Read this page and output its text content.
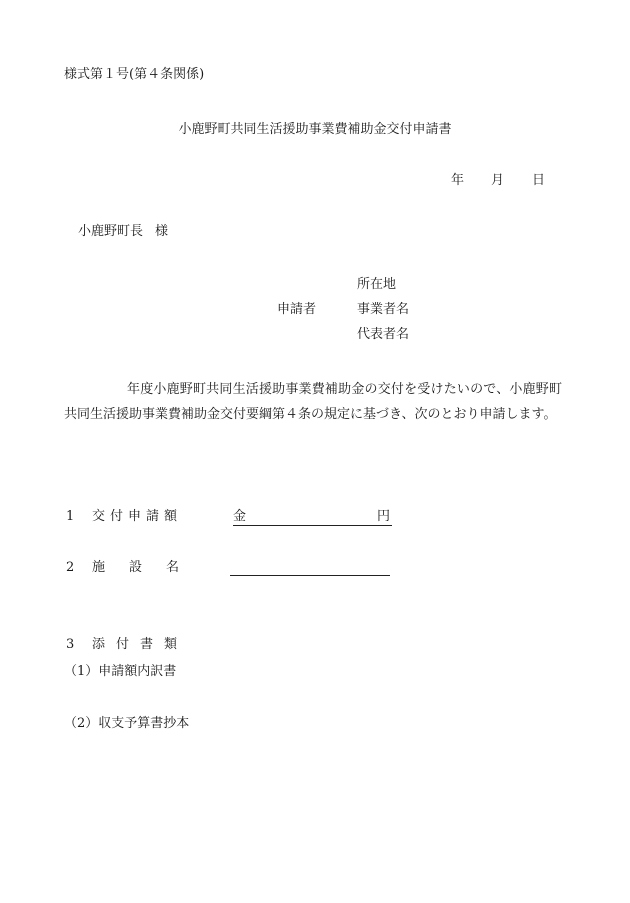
様式第１号(第４条関係)
小鹿野町共同生活援助事業費補助金交付申請書
年 月 日
小鹿野町長 様
申請者
所在地
事業者名
代表者名
年度小鹿野町共同生活援助事業費補助金の交付を受けたいので、小鹿野町共同生活援助事業費補助金交付要綱第４条の規定に基づき、次のとおり申請します。
1 交付申請額	金	円

2 施設名
3 添付書類
（1）申請額内訳書
（2）収支予算書抄本
